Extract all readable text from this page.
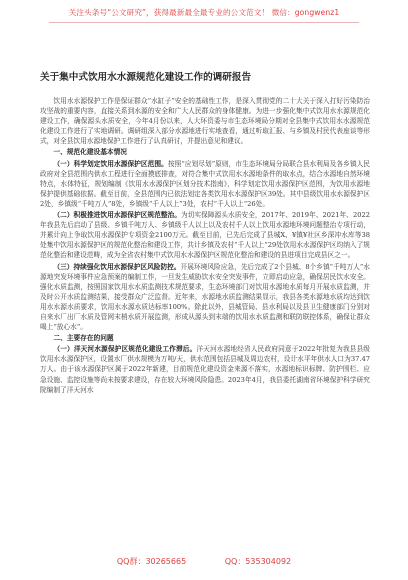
关注头条号“公文研究”，获得最新最全最专业的公文范文！ 微信：gongwenz1
关于集中式饮用水水源规范化建设工作的调研报告

饮用水水源保护工作是保证群众“水缸子”安全的基础性工作，是深入贯彻党的二十大关于深入打好污染防治攻坚战的重要内容，直接关系到水源的安全和广大人民群众的身体健康。为进一步强化集中式饮用水水源规范化建设工作，确保源头水质安全，今年4月份以来，人大环资委与市生态环境局分期对全县集中式饮用水水源规范化建设工作进行了实地调研。调研组深入部分水源地进行实地查看，通过听取汇报、与乡镇及村民代表座谈等形式，对全县饮用水源地保护工作进行了认真研讨，并提出意见和建议。

一、规范化建设基本情况

（一）科学划定饮用水源保护区范围。按照“应划尽划”原则，市生态环境局分局联合县水利局及各乡镇人民政府对全县范围内供水工程进行全面摸底排查，对符合集中式饮用水水源地条件的取水点，结合水源地自然环境特点，水体特征，规划编制《饮用水水源保护区划分技术指南》，科学划定饮用水源保护区范围，为饮用水源地保护提供基础依据。截至目前，全县范围内已依法划定各类饮用水水源保护区39处。其中县级饮用水水源保护区2处，乡镇级“千吨万人”8处，乡镇级“千人以上”3处，农村“千人以上”26处。

（二）积极推进饮用水源保护区规范整治。为切实保障源头水质安全，2017年、2019年、2021年、2022年我县先后启动了县级、乡镇千吨万人、乡镇级千人以上以及农村千人以上饮用水源地环境问题整治专项行动，并累计向上争取饮用水源保护专项资金2100万元。截至目前，已先后完成了县城X、¥镇¥社区乡深冲水库等38处集中饮用水源保护区的规范化整治和建设工作，共计乡镇及农村“千人以上”29处饮用水水源保护区均纳入了规范化整治和建设范畴，成为全省农村集中式饮用水水源保护区规范化整治和建设的县进项目完成县区之一。

（三）持续强化饮用水源保护区风险防控。开展环境风险应急，先后完成了2个县城、8个乡镇“千吨万人”水源地突发环境事件应急预案的编制工作，一旦发生威胁饮水安全突发事件，立即启动应急，确保居民饮水安全。强化水质监测，按照国家饮用水水质监测技术规范要求，生态环境部门对饮用水源地水质每月开展水质监测，并及时公开水质监测结果，接受群众广泛监督。近年来，水源地水质监测结果显示，我县各类水源地水质均达到饮用水水源水质要求，饮用水水源水质达标率100%。除此以外，县城管局、县水利局以及县卫生健康部门分别对自来水厂出厂水质及管网末梢水质开展监测，形成从源头到末端的饮用水水质监测和联防联控体系，确保让群众喝上“放心水”。

二、主要存在的问题

（一）洋天河水源保护区规范化建设工作滞后。洋天河水源地经省人民政府同意于2022年批复为我县县级饮用水水源保护区，设置水厂供水规模为万吨/天，供水范围包括县城及周边农村，设计水平年供水人口为37.47万人。由于该水源保护区属于2022年新建，目前规范化建设资金来源不落实，水源地标识标牌、防护围栏、应急设施、监控设施等尚未按要求建设，存在较大环境风险隐患。2023年4月，我县委托湖南省环境保护科学研究院编制了洋天河水

QQ群：30265665	QQ：535304092
